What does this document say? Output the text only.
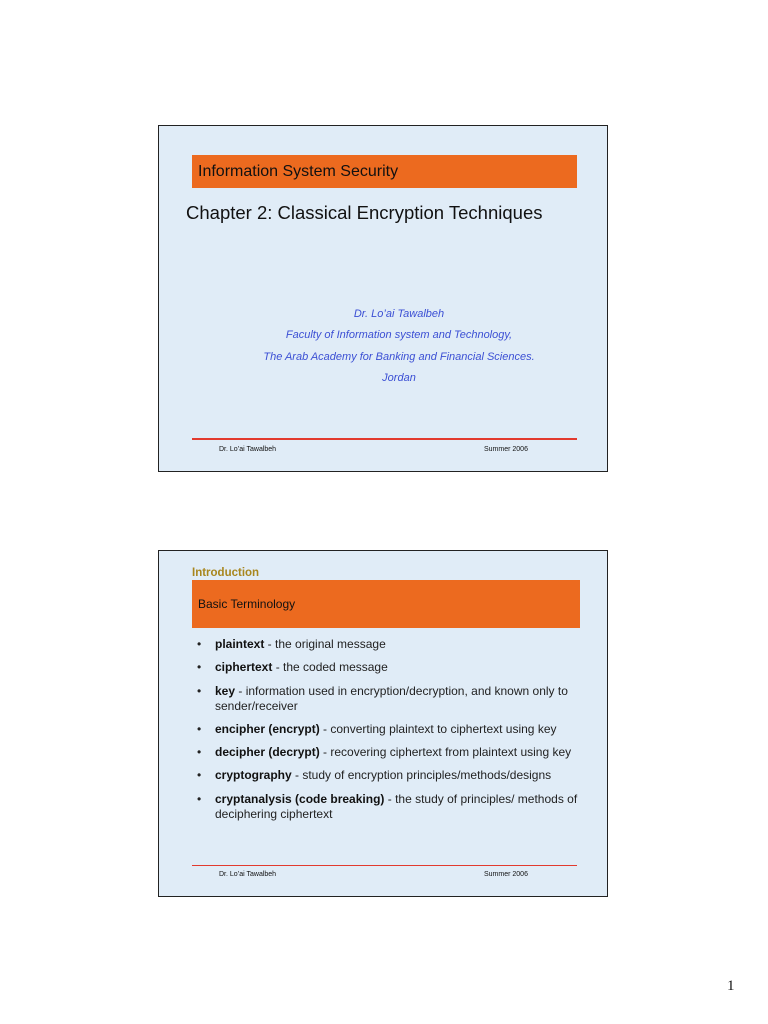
Information System Security
Chapter 2: Classical Encryption Techniques
Dr. Lo’ai Tawalbeh
Faculty of Information system and Technology,
The Arab Academy for Banking and Financial Sciences.
Jordan
Dr. Lo’ai Tawalbeh	Summer 2006
Introduction
Basic Terminology
• plaintext - the original message
• ciphertext - the coded message
• key - information used in encryption/decryption, and known only to sender/receiver
• encipher (encrypt) - converting plaintext to ciphertext using key
• decipher (decrypt) - recovering ciphertext from plaintext using key
• cryptography - study of encryption principles/methods/designs
• cryptanalysis (code breaking) - the study of principles/ methods of deciphering ciphertext
Dr. Lo’ai Tawalbeh	Summer 2006
1
